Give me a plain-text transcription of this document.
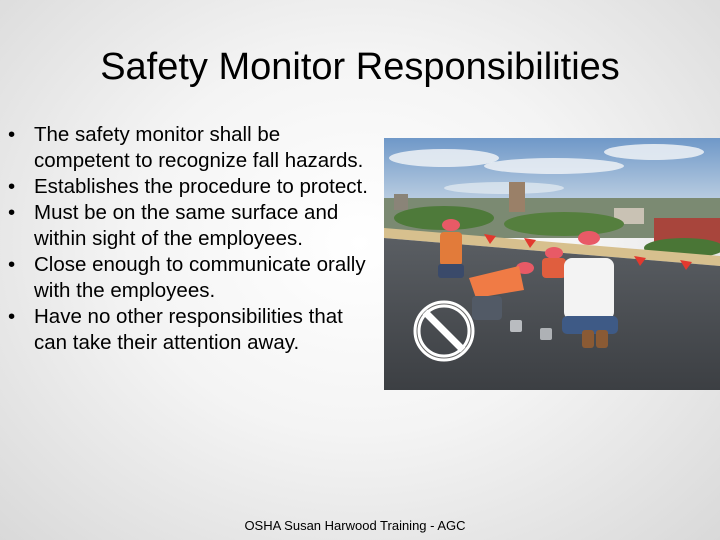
Safety Monitor Responsibilities
• The safety monitor shall be competent to recognize fall hazards.
• Establishes the procedure to protect.
• Must be on the same surface and within sight of the employees.
• Close enough to communicate orally with the employees.
• Have no other responsibilities that can take their attention away.
OSHA Susan Harwood Training - AGC
